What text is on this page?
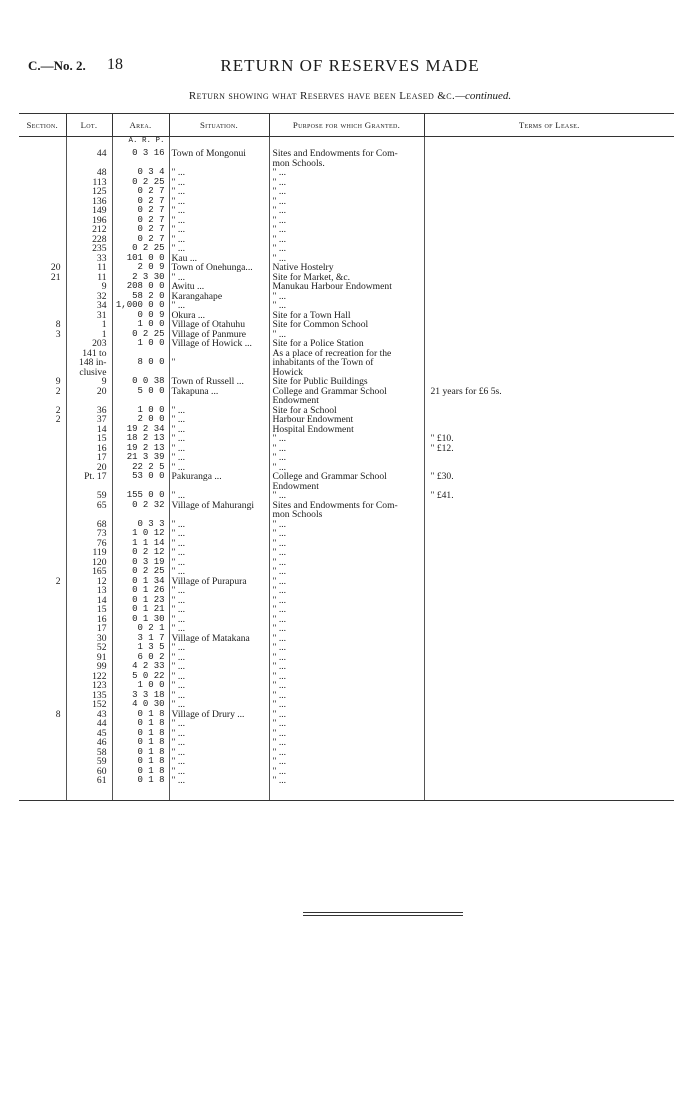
C.—No. 2. 18	RETURN OF RESERVES MADE
Return showing what Reserves have been Leased &c.—continued.
Section.	Lot.	Area.	Situation.	Purpose for which Granted.	Terms of Lease.
		A. R. P.			
	44	0 3 16	Town of Mongonui	Sites and Endowments for Com-
mon Schools.	
	48	0 3 4	" ...	" ...	
	113	0 2 25	" ...	" ...	
	125	0 2 7	" ...	" ...	
	136	0 2 7	" ...	" ...	
	149	0 2 7	" ...	" ...	
	196	0 2 7	" ...	" ...	
	212	0 2 7	" ...	" ...	
	228	0 2 7	" ...	" ...	
	235	0 2 25	" ...	" ...	
	33	101 0 0	Kau ...	" ...	
20	11	2 0 9	Town of Onehunga...	Native Hostelry	
21	11	2 3 30	" ...	Site for Market, &c.	
	9	208 0 0	Awitu ...	Manukau Harbour Endowment	
	32	58 2 0	Karangahape	" ...	
	34	1,000 0 0	" ...	" ...	
	31	0 0 9	Okura ...	Site for a Town Hall	
8	1	1 0 0	Village of Otahuhu	Site for Common School	
3	1	0 2 25	Village of Panmure	" ...	
	203	1 0 0	Village of Howick ...	Site for a Police Station	
	141 to			As a place of recreation for the	
	148 in-	8 0 0	"	inhabitants of the Town of	
	clusive			Howick	
9	9	0 0 38	Town of Russell ...	Site for Public Buildings	
2	20	5 0 0	Takapuna ...	College and Grammar School	21 years for £6 5s.
				Endowment	
2	36	1 0 0	" ...	Site for a School	
2	37	2 0 0	" ...	Harbour Endowment	
	14	19 2 34	" ...	Hospital Endowment	
	15	18 2 13	" ...	" ...	" £10.
	16	19 2 13	" ...	" ...	" £12.
	17	21 3 39	" ...	" ...	
	20	22 2 5	" ...	" ...	
	Pt. 17	53 0 0	Pakuranga ...	College and Grammar School	" £30.
				Endowment	
	59	155 0 0	" ...	" ...	" £41.
	65	0 2 32	Village of Mahurangi	Sites and Endowments for Com-	
				mon Schools	
	68	0 3 3	" ...	" ...	
	73	1 0 12	" ...	" ...	
	76	1 1 14	" ...	" ...	
	119	0 2 12	" ...	" ...	
	120	0 3 19	" ...	" ...	
	165	0 2 25	" ...	" ...	
2	12	0 1 34	Village of Purapura	" ...	
	13	0 1 26	" ...	" ...	
	14	0 1 23	" ...	" ...	
	15	0 1 21	" ...	" ...	
	16	0 1 30	" ...	" ...	
	17	0 2 1	" ...	" ...	
	30	3 1 7	Village of Matakana	" ...	
	52	1 3 5	" ...	" ...	
	91	6 0 2	" ...	" ...	
	99	4 2 33	" ...	" ...	
	122	5 0 22	" ...	" ...	
	123	1 0 0	" ...	" ...	
	135	3 3 18	" ...	" ...	
	152	4 0 30	" ...	" ...	
8	43	0 1 8	Village of Drury ...	" ...	
	44	0 1 8	" ...	" ...	
	45	0 1 8	" ...	" ...	
	46	0 1 8	" ...	" ...	
	58	0 1 8	" ...	" ...	
	59	0 1 8	" ...	" ...	
	60	0 1 8	" ...	" ...	
	61	0 1 8	" ...	" ...	
